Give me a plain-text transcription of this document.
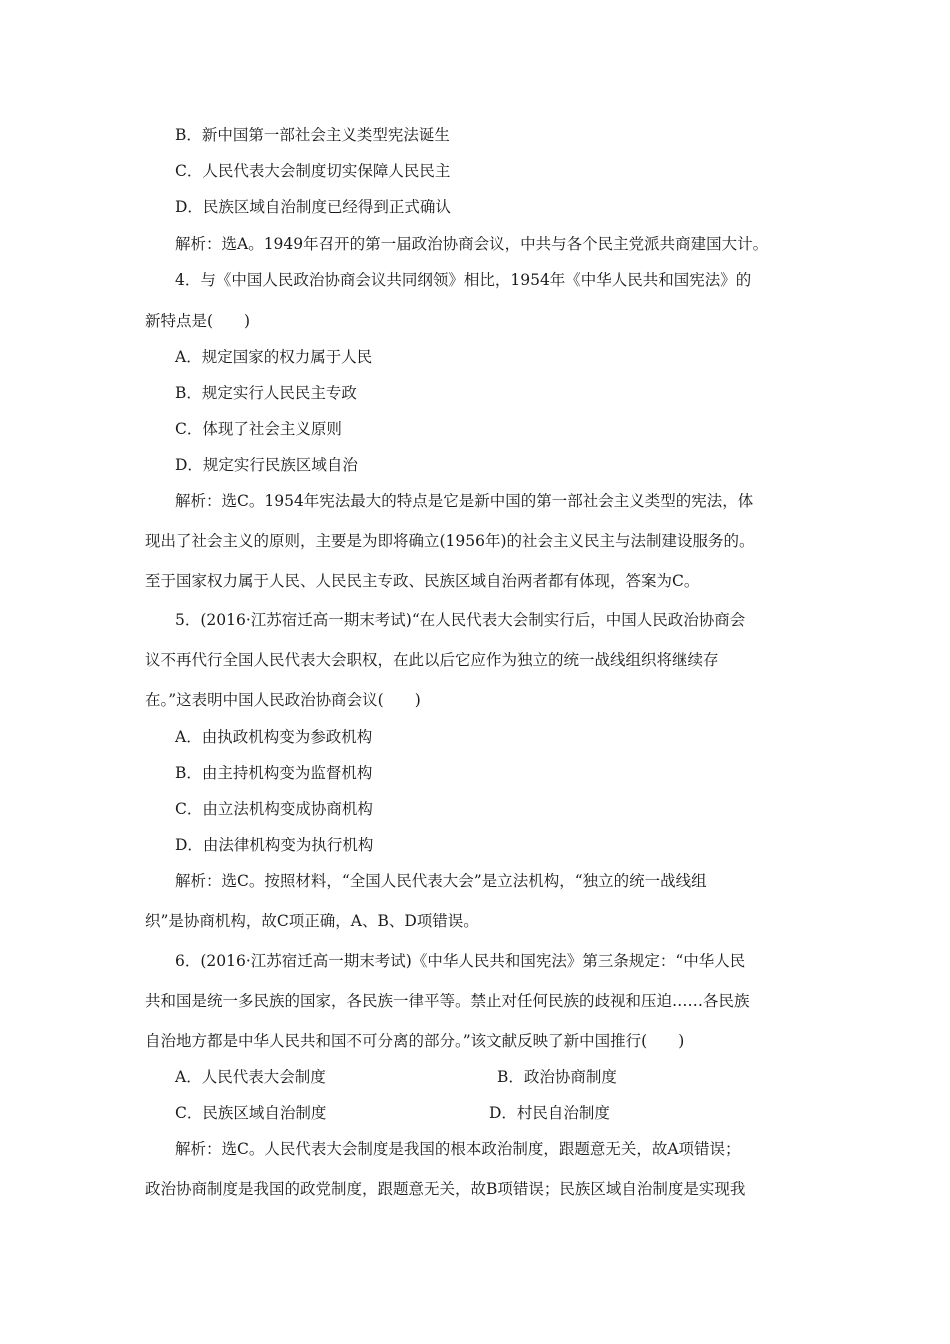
B．新中国第一部社会主义类型宪法诞生
C．人民代表大会制度切实保障人民民主
D．民族区域自治制度已经得到正式确认
解析：选A。1949年召开的第一届政治协商会议，中共与各个民主党派共商建国大计。
4．与《中国人民政治协商会议共同纲领》相比，1954年《中华人民共和国宪法》的
新特点是(　　)
A．规定国家的权力属于人民
B．规定实行人民民主专政
C．体现了社会主义原则
D．规定实行民族区域自治
解析：选C。1954年宪法最大的特点是它是新中国的第一部社会主义类型的宪法，体
现出了社会主义的原则，主要是为即将确立(1956年)的社会主义民主与法制建设服务的。
至于国家权力属于人民、人民民主专政、民族区域自治两者都有体现，答案为C。
5．(2016·江苏宿迁高一期末考试)“在人民代表大会制实行后，中国人民政治协商会
议不再代行全国人民代表大会职权，在此以后它应作为独立的统一战线组织将继续存
在。”这表明中国人民政治协商会议(　　)
A．由执政机构变为参政机构
B．由主持机构变为监督机构
C．由立法机构变成协商机构
D．由法律机构变为执行机构
解析：选C。按照材料，“全国人民代表大会”是立法机构，“独立的统一战线组
织”是协商机构，故C项正确，A、B、D项错误。
6．(2016·江苏宿迁高一期末考试)《中华人民共和国宪法》第三条规定：“中华人民
共和国是统一多民族的国家，各民族一律平等。禁止对任何民族的歧视和压迫……各民族
自治地方都是中华人民共和国不可分离的部分。”该文献反映了新中国推行(　　)
A．人民代表大会制度	B．政治协商制度
C．民族区域自治制度	D．村民自治制度
解析：选C。人民代表大会制度是我国的根本政治制度，跟题意无关，故A项错误；
政治协商制度是我国的政党制度，跟题意无关，故B项错误；民族区域自治制度是实现我
